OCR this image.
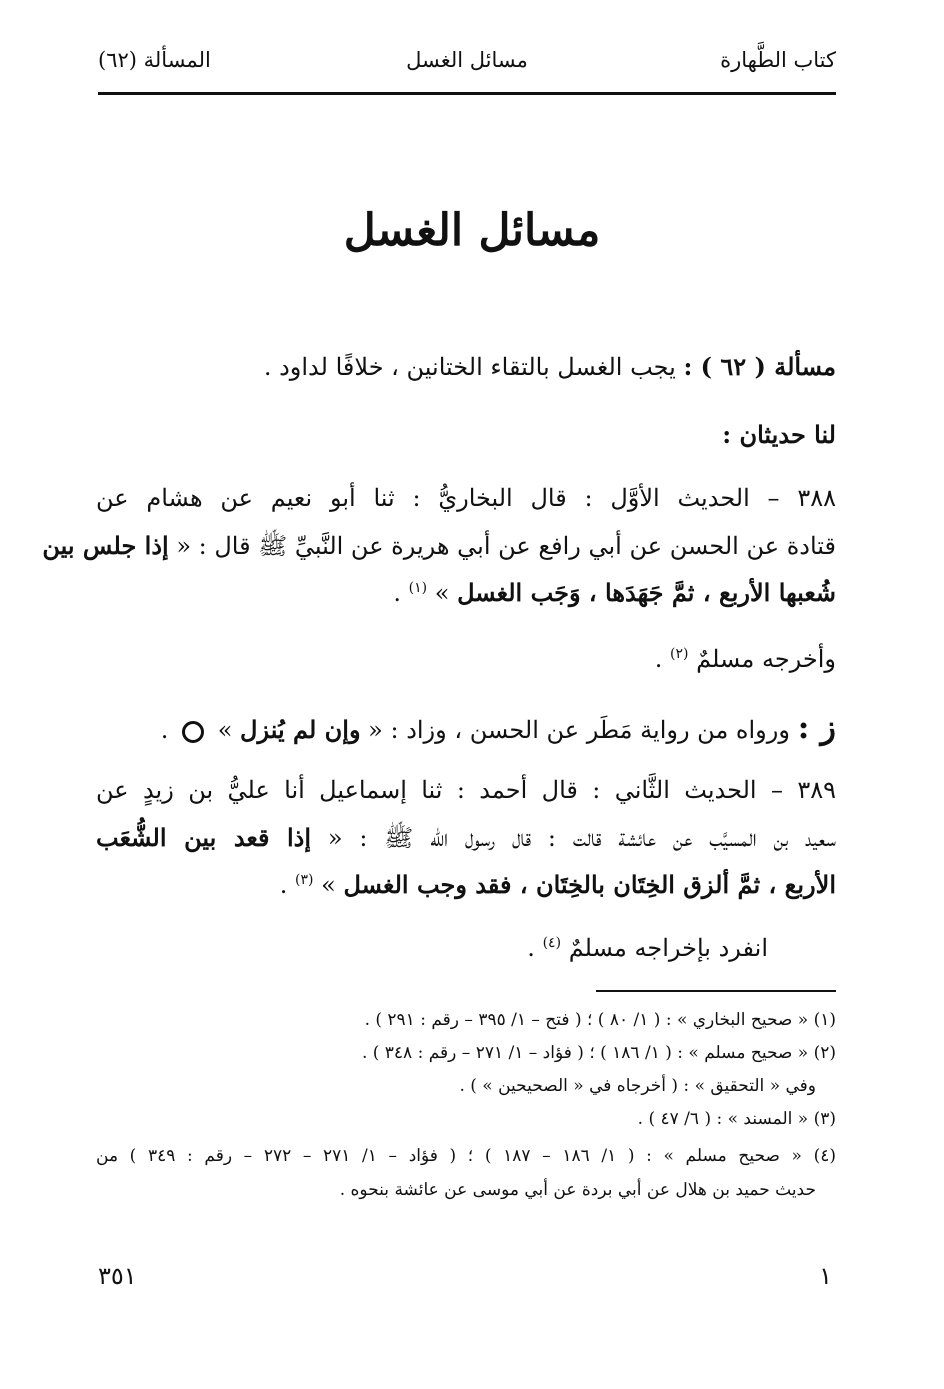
كتاب الطَّهارة
مسائل الغسل
المسألة (٦٢)
مسائل الغسل
مسألة ( ٦٢ ) : يجب الغسل بالتقاء الختانين ، خلافًا لداود .
لنا حديثان :
٣٨٨ – الحديث الأوَّل : قال البخاريُّ : ثنا أبو نعيم عن هشام عن
قتادة عن الحسن عن أبي رافع عن أبي هريرة عن النَّبيِّ ﷺ قال : « إذا جلس بين
شُعبها الأربع ، ثمَّ جَهَدَها ، وَجَب الغسل » $^{(١)}$ .
وأخرجه مسلمٌ $^{(٢)}$ .
ز : ورواه من رواية مَطَر عن الحسن ، وزاد : « وإن لم يُنزل »  .
٣٨٩ – الحديث الثَّاني : قال أحمد : ثنا إسماعيل أنا عليُّ بن زيدٍ عن
سعيد بن المسيَّب عن عائشة قالت : قال رسول الله ﷺ : « إذا قعد بين الشُّعَب
الأربع ، ثمَّ ألزق الخِتَان بالخِتَان ، فقد وجب الغسل » $^{(٣)}$ .
انفرد بإخراجه مسلمٌ $^{(٤)}$ .
(١) « صحيح البخاري » : ( ١/ ٨٠ ) ؛ ( فتح – ١/ ٣٩٥ – رقم : ٢٩١ ) .
(٢) « صحيح مسلم » : ( ١/ ١٨٦ ) ؛ ( فؤاد – ١/ ٢٧١ – رقم : ٣٤٨ ) .
وفي « التحقيق » : ( أخرجاه في « الصحيحين » ) .
(٣) « المسند » : ( ٦/ ٤٧ ) .
(٤) « صحيح مسلم » : ( ١/ ١٨٦ – ١٨٧ ) ؛ ( فؤاد – ١/ ٢٧١ – ٢٧٢ – رقم : ٣٤٩ ) من
حديث حميد بن هلال عن أبي بردة عن أبي موسى عن عائشة بنحوه .
٣٥١	١
